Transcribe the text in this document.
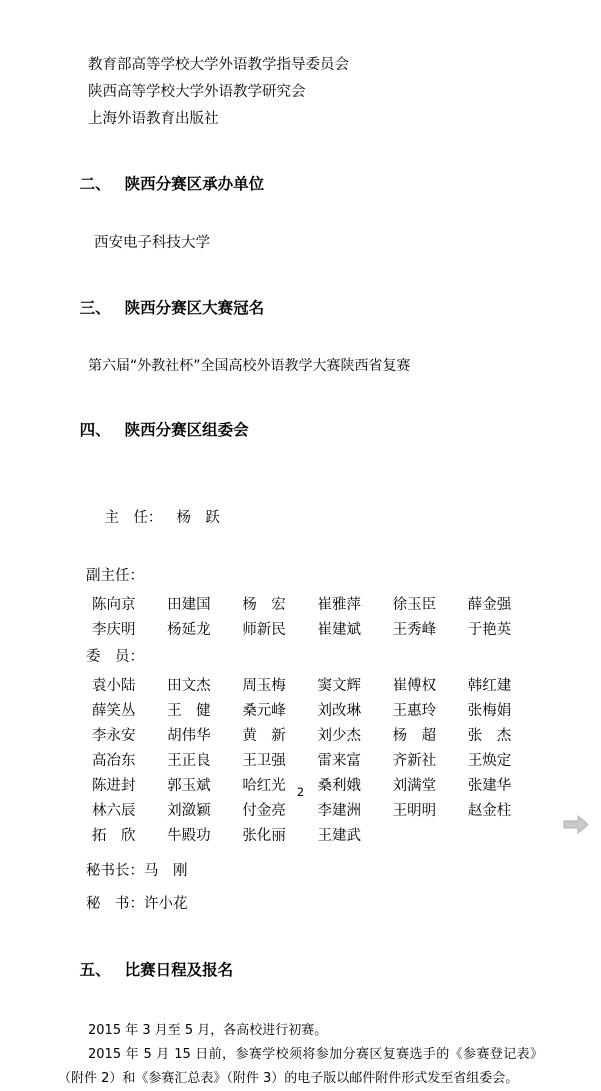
教育部高等学校大学外语教学指导委员会
陕西高等学校大学外语教学研究会
上海外语教育出版社

二、 陕西分赛区承办单位

西安电子科技大学

三、 陕西分赛区大赛冠名

第六届“外教社杯”全国高校外语教学大赛陕西省复赛

四、 陕西分赛区组委会

主　任： 杨　跃

副主任：
陈向京	田建国	杨　宏	崔雅萍	徐玉臣	薛金强
李庆明	杨延龙	师新民	崔建斌	王秀峰	于艳英
委　员：
袁小陆	田文杰	周玉梅	窦文辉	崔傅权	韩红建
薛笑丛	王　健	桑元峰	刘改琳	王惠玲	张梅娟
李永安	胡伟华	黄　新	刘少杰	杨　超	张　杰
高冶东	王正良	王卫强	雷来富	齐新社	王焕定
陈进封	郭玉斌	哈红光	桑利娥	刘满堂	张建华
林六辰	刘潋颖	付金亮	李建洲	王明明	赵金柱
拓　欣	牛殿功	张化丽	王建武		
秘书长：马　刚
秘　书：许小花

五、 比赛日程及报名

2015 年 3 月至 5 月，各高校进行初赛。
2015 年 5 月 15 日前，参赛学校须将参加分赛区复赛选手的《参赛登记表》（附件 2）和《参赛汇总表》（附件 3）的电子版以邮件附件形式发至省组委会。
2
